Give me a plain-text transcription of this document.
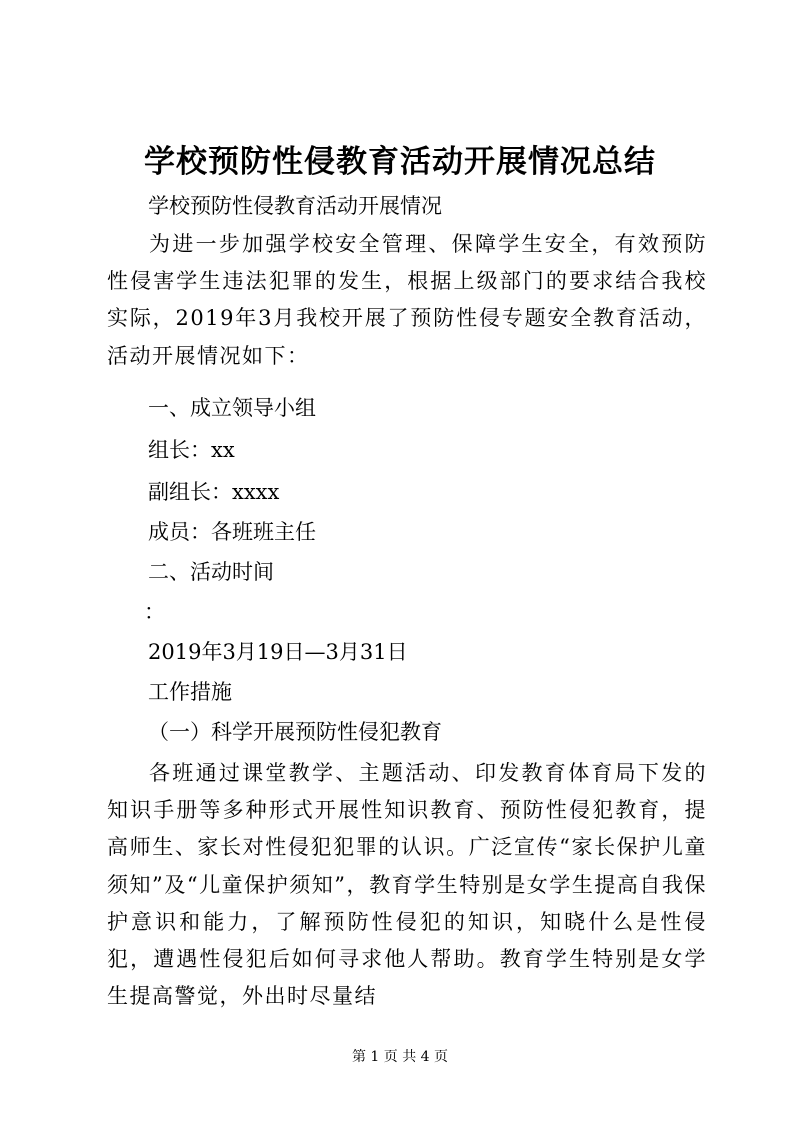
学校预防性侵教育活动开展情况总结
学校预防性侵教育活动开展情况
为进一步加强学校安全管理、保障学生安全，有效预防性侵害学生违法犯罪的发生，根据上级部门的要求结合我校实际，2019年3月我校开展了预防性侵专题安全教育活动，活动开展情况如下：
一、成立领导小组
组长：xx
副组长：xxxx
成员：各班班主任
二、活动时间
：
2019年3月19日—3月31日
工作措施
（一）科学开展预防性侵犯教育
各班通过课堂教学、主题活动、印发教育体育局下发的知识手册等多种形式开展性知识教育、预防性侵犯教育，提高师生、家长对性侵犯犯罪的认识。广泛宣传“家长保护儿童须知”及“儿童保护须知”，教育学生特别是女学生提高自我保护意识和能力，了解预防性侵犯的知识，知晓什么是性侵犯，遭遇性侵犯后如何寻求他人帮助。教育学生特别是女学生提高警觉，外出时尽量结
第 1 页 共 4 页
